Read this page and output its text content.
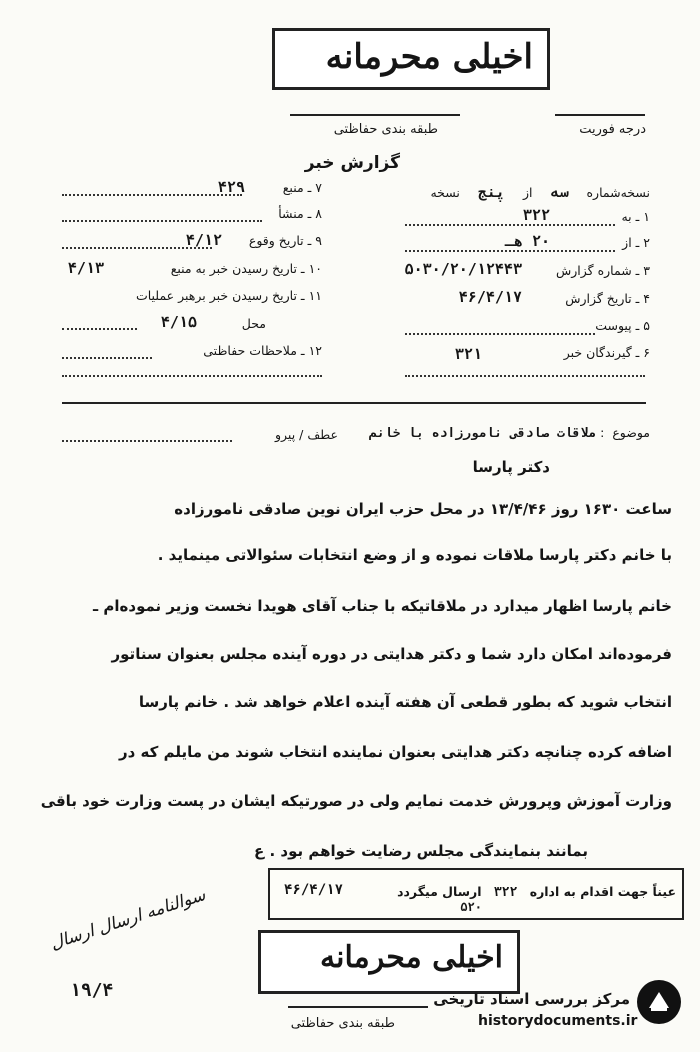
اخیلی محرمانه
طبقه بندی حفاظتی	درجه فوریت
گزارش خبر
نسخه‌شماره سه از پنج نسخه
۱ ـ به
۳۲۲
۲ ـ از
۲۰ هـ
۳ ـ شماره گزارش
۵۰۳۰/۲۰/۱۲۴۴۳
۴ ـ تاریخ گزارش
۴۶/۴/۱۷
۵ ـ پیوست
۶ ـ گیرندگان خبر
۳۲۱
۷ ـ منبع
۴۲۹
۸ ـ منشأ
۹ ـ تاریخ وقوع
۴/۱۲
۱۰ ـ تاریخ رسیدن خبر به منبع
۴/۱۳
۱۱ ـ تاریخ رسیدن خبر برهبر عملیات
محل
۴/۱۵
۱۲ ـ ملاحظات حفاظتی
موضوع : ملاقات صادقی نامورزاده با خانم
عطف / پیرو
دکتر پارسا
ساعت ۱۶۳۰ روز ۱۳/۴/۴۶ در محل حزب ایران نوین صادقی نامورزاده
با خانم دکتر پارسا ملاقات نموده و از وضع انتخابات سئوالاتی مینماید .
خانم پارسا اظهار میدارد در ملاقاتیکه با جناب آقای هویدا نخست وزیر نموده‌ام ـ
فرموده‌اند امکان دارد شما و دکتر هدایتی در دوره آینده مجلس بعنوان سناتور
انتخاب شوید که بطور قطعی آن هفته آینده اعلام خواهد شد . خانم پارسا
اضافه کرده چنانچه دکتر هدایتی بعنوان نماینده انتخاب شوند من مایلم که در
وزارت آموزش وپرورش خدمت نمایم ولی در صورتیکه ایشان در پست وزارت خود باقی
بمانند بنمایندگی مجلس رضایت خواهم بود . ع
عیناً جهت اقدام به اداره ۳۲۲ ارسال میگردد
۵۲۰
۴۶/۴/۱۷
سوالنامه ارسال ارسال
۱۹/۴
اخیلی محرمانه
طبقه بندی حفاظتی
مرکز بررسی اسناد تاریخی
historydocuments.ir
